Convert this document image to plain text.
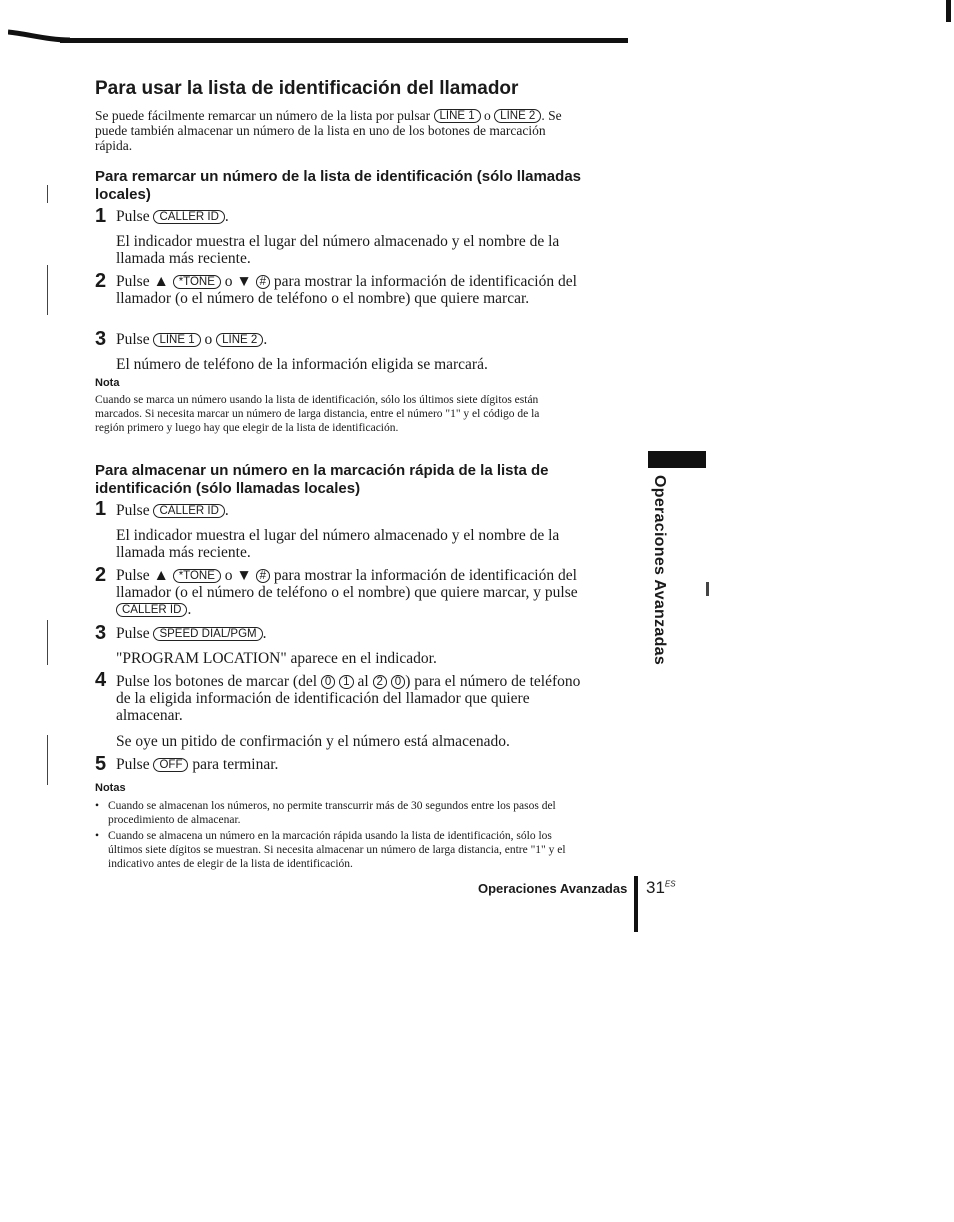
Operaciones Avanzadas
Para usar la lista de identificación del llamador

Se puede fácilmente remarcar un número de la lista por pulsar LINE 1 o LINE 2 . Se puede también almacenar un número de la lista en uno de los botones de marcación rápida.

Para remarcar un número de la lista de identificación (sólo llamadas locales)
1 Pulse CALLER ID .
El indicador muestra el lugar del número almacenado y el nombre de la llamada más reciente.
2 Pulse ▲ *TONE o ▼ # para mostrar la información de identificación del llamador (o el número de teléfono o el nombre) que quiere marcar.
3 Pulse LINE 1 o LINE 2 .
El número de teléfono de la información eligida se marcará.
Nota
Cuando se marca un número usando la lista de identificación, sólo los últimos siete dígitos están marcados. Si necesita marcar un número de larga distancia, entre el número "1" y el código de la región primero y luego hay que elegir de la lista de identificación.
Para almacenar un número en la marcación rápida de la lista de identificación (sólo llamadas locales)
1 Pulse CALLER ID .
El indicador muestra el lugar del número almacenado y el nombre de la llamada más reciente.
2 Pulse ▲ *TONE o ▼ # para mostrar la información de identificación del llamador (o el número de teléfono o el nombre) que quiere marcar, y pulse CALLER ID .
3 Pulse SPEED DIAL/PGM .
"PROGRAM LOCATION" aparece en el indicador.
4 Pulse los botones de marcar (del 0 1 al 2 0 ) para el número de teléfono de la eligida información de identificación del llamador que quiere almacenar.
Se oye un pitido de confirmación y el número está almacenado.
5 Pulse OFF para terminar.
Notas
• Cuando se almacenan los números, no permite transcurrir más de 30 segundos entre los pasos del procedimiento de almacenar.
• Cuando se almacena un número en la marcación rápida usando la lista de identificación, sólo los últimos siete dígitos se muestran. Si necesita almacenar un número de larga distancia, entre "1" y el indicativo antes de elegir de la lista de identificación.
Operaciones Avanzadas $31^{ES}$
